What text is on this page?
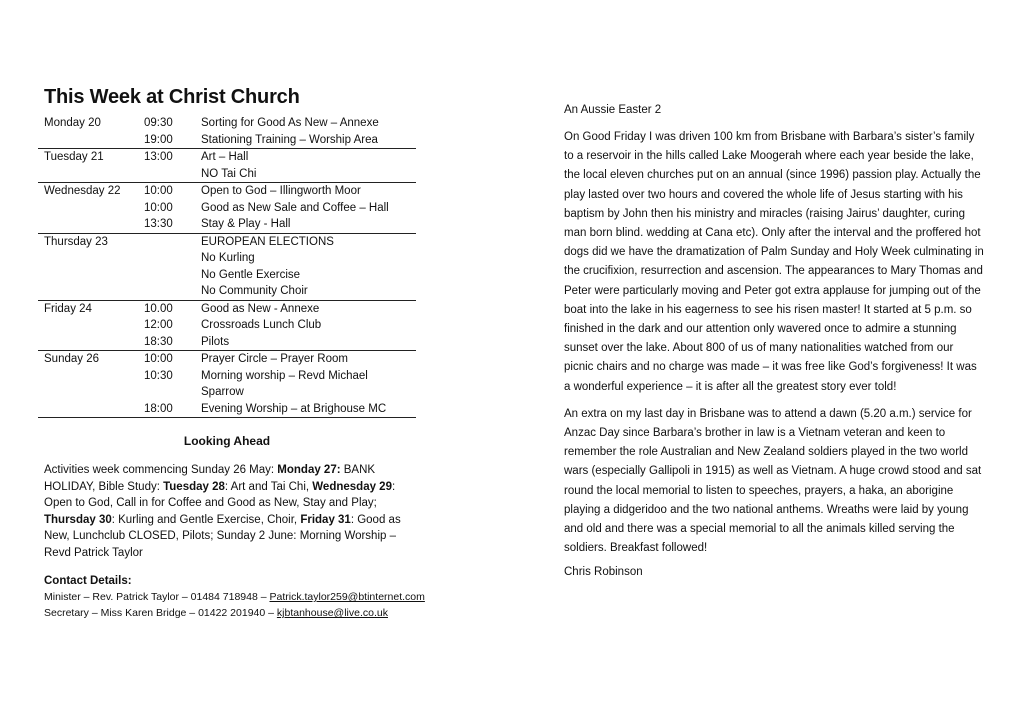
This Week at Christ Church
Monday 20	09:30	Sorting for Good As New – Annexe
	19:00	Stationing Training – Worship Area
Tuesday 21	13:00	Art – Hall
		NO Tai Chi
Wednesday 22	10:00	Open to God – Illingworth Moor
	10:00	Good as New Sale and Coffee – Hall
	13:30	Stay & Play - Hall
Thursday 23		EUROPEAN ELECTIONS
		No Kurling
		No Gentle Exercise
		No Community Choir
Friday 24	10.00	Good as New - Annexe
	12:00	Crossroads Lunch Club
	18:30	Pilots
Sunday 26	10:00	Prayer Circle – Prayer Room
	10:30	Morning worship – Revd Michael
		Sparrow
	18:00	Evening Worship – at Brighouse MC
Looking Ahead

Activities week commencing Sunday 26 May: Monday 27: BANK HOLIDAY, Bible Study: Tuesday 28: Art and Tai Chi, Wednesday 29: Open to God, Call in for Coffee and Good as New, Stay and Play; Thursday 30: Kurling and Gentle Exercise, Choir, Friday 31: Good as New, Lunchclub CLOSED, Pilots; Sunday 2 June: Morning Worship – Revd Patrick Taylor

Contact Details:
Minister – Rev. Patrick Taylor – 01484 718948 – Patrick.taylor259@btinternet.com
Secretary – Miss Karen Bridge – 01422 201940 – kjbtanhouse@live.co.uk
An Aussie Easter 2

On Good Friday I was driven 100 km from Brisbane with Barbara’s sister’s family to a reservoir in the hills called Lake Moogerah where each year beside the lake, the local eleven churches put on an annual (since 1996) passion play. Actually the play lasted over two hours and covered the whole life of Jesus starting with his baptism by John then his ministry and miracles (raising Jairus’ daughter, curing man born blind. wedding at Cana etc). Only after the interval and the proffered hot dogs did we have the dramatization of Palm Sunday and Holy Week culminating in the crucifixion, resurrection and ascension. The appearances to Mary Thomas and Peter were particularly moving and Peter got extra applause for jumping out of the boat into the lake in his eagerness to see his risen master! It started at 5 p.m. so finished in the dark and our attention only wavered once to admire a stunning sunset over the lake. About 800 of us of many nationalities watched from our picnic chairs and no charge was made – it was free like God’s forgiveness! It was a wonderful experience – it is after all the greatest story ever told!

An extra on my last day in Brisbane was to attend a dawn (5.20 a.m.) service for Anzac Day since Barbara’s brother in law is a Vietnam veteran and keen to remember the role Australian and New Zealand soldiers played in the two world wars (especially Gallipoli in 1915) as well as Vietnam. A huge crowd stood and sat round the local memorial to listen to speeches, prayers, a haka, an aborigine playing a didgeridoo and the two national anthems. Wreaths were laid by young and old and there was a special memorial to all the animals killed serving the soldiers. Breakfast followed!

Chris Robinson
